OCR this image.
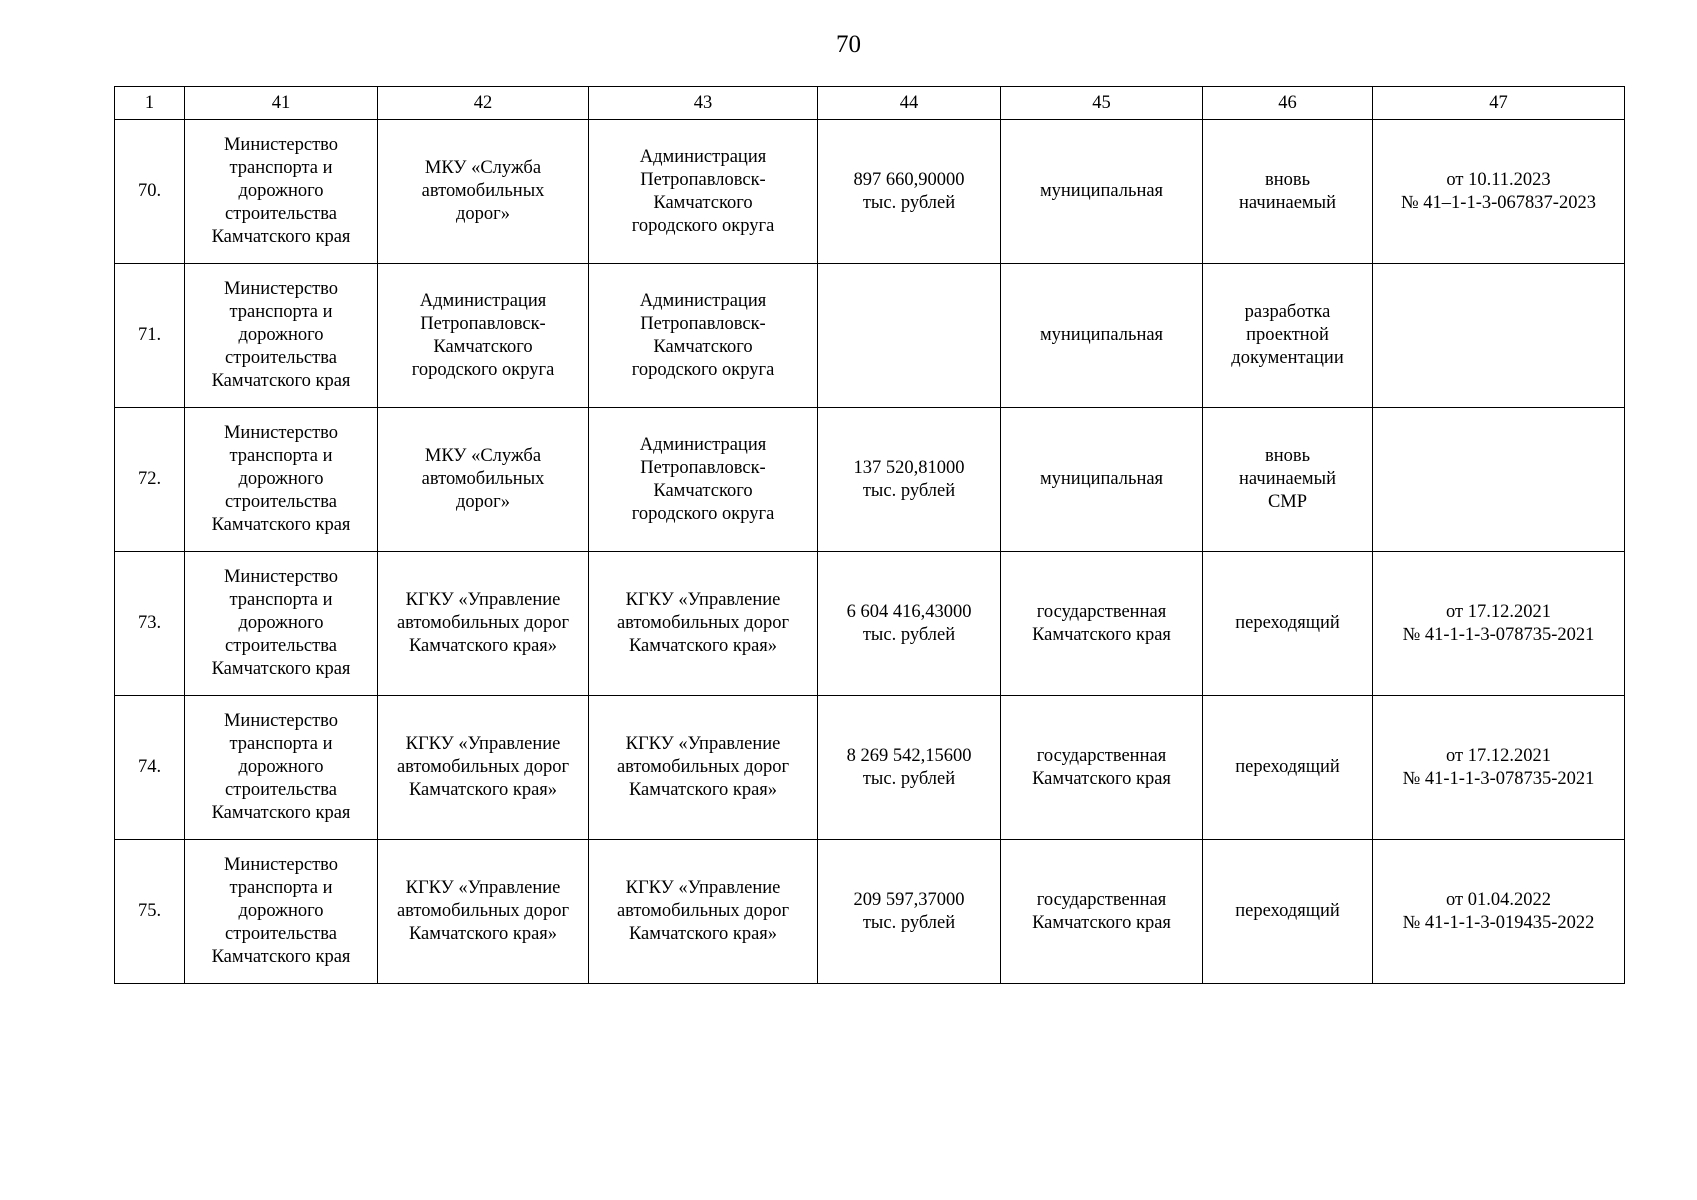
70
1	41	42	43	44	45	46	47
70.	Министерство
транспорта и
дорожного
строительства
Камчатского края	МКУ «Служба
автомобильных
дорог»	Администрация
Петропавловск-
Камчатского
городского округа	897 660,90000
тыс. рублей	муниципальная	вновь
начинаемый	от 10.11.2023
№ 41–1-1-3-067837-2023

71.	Министерство
транспорта и
дорожного
строительства
Камчатского края	Администрация
Петропавловск-
Камчатского
городского округа	Администрация
Петропавловск-
Камчатского
городского округа		муниципальная	разработка
проектной
документации	

72.	Министерство
транспорта и
дорожного
строительства
Камчатского края	МКУ «Служба
автомобильных
дорог»	Администрация
Петропавловск-
Камчатского
городского округа	137 520,81000
тыс. рублей	муниципальная	вновь
начинаемый
СМР	

73.	Министерство
транспорта и
дорожного
строительства
Камчатского края	КГКУ «Управление
автомобильных дорог
Камчатского края»	КГКУ «Управление
автомобильных дорог
Камчатского края»	6 604 416,43000
тыс. рублей	государственная
Камчатского края	переходящий	от 17.12.2021
№ 41-1-1-3-078735-2021

74.	Министерство
транспорта и
дорожного
строительства
Камчатского края	КГКУ «Управление
автомобильных дорог
Камчатского края»	КГКУ «Управление
автомобильных дорог
Камчатского края»	8 269 542,15600
тыс. рублей	государственная
Камчатского края	переходящий	от 17.12.2021
№ 41-1-1-3-078735-2021

75.	Министерство
транспорта и
дорожного
строительства
Камчатского края	КГКУ «Управление
автомобильных дорог
Камчатского края»	КГКУ «Управление
автомобильных дорог
Камчатского края»	209 597,37000
тыс. рублей	государственная
Камчатского края	переходящий	от 01.04.2022
№ 41-1-1-3-019435-2022
